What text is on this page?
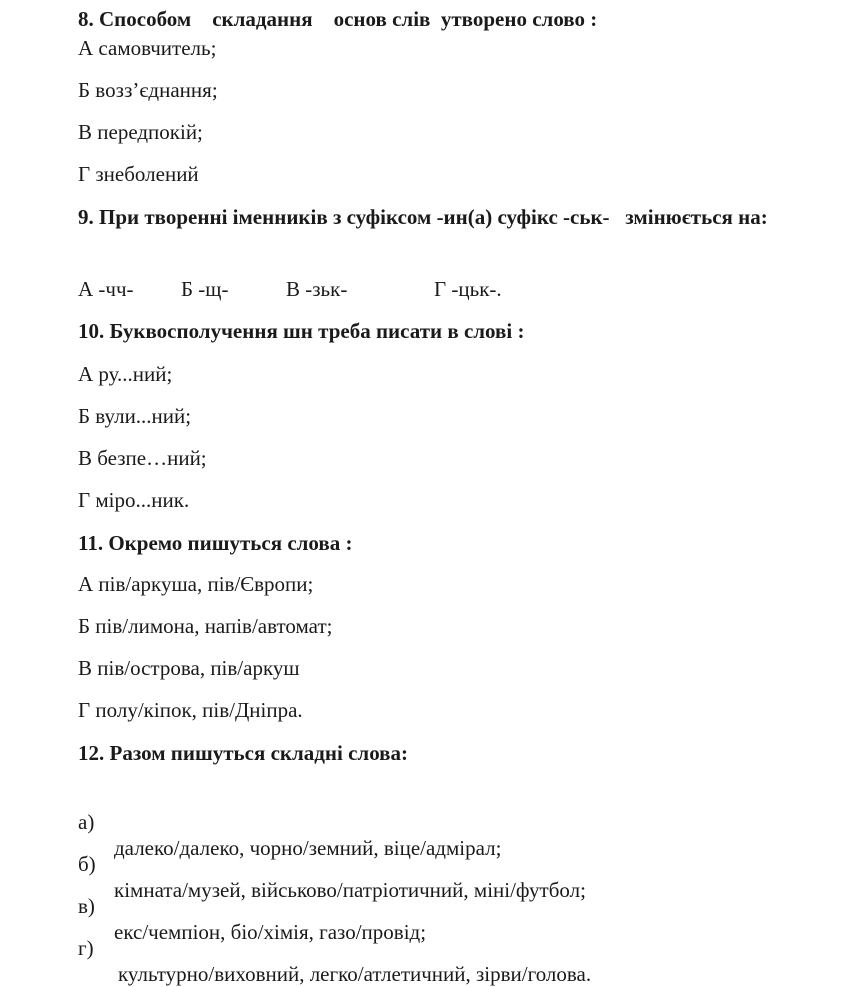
8. Способом    складання    основ слів  утворено слово :
А самовчитель;
Б возз’єднання;
В передпокій;
Г знеболений
9. При творенні іменників з суфіксом -ин(а) суфікс -ськ-   змінюється на:

А -чч-

Б -щ-

	В -зьк-

	Г -цьк-.

10. Буквосполучення шн треба писати в слові :
А ру...ний;
Б вули...ний;
В безпе…ний;
Г міро...ник.
11. Окремо пишуться слова :
А пів/аркуша, пів/Європи;
Б пів/лимона, напів/автомат;
В пів/острова, пів/аркуш
Г полу/кіпок, пів/Дніпра.
12. Разом пишуться складні слова:

а)

далеко/далеко, чорно/земний, віце/адмірал;

б)

кімната/музей, військово/патріотичний, міні/футбол;

в)

екс/чемпіон, біо/хімія, газо/провід;

г)

культурно/виховний, легко/атлетичний, зірви/голова.
